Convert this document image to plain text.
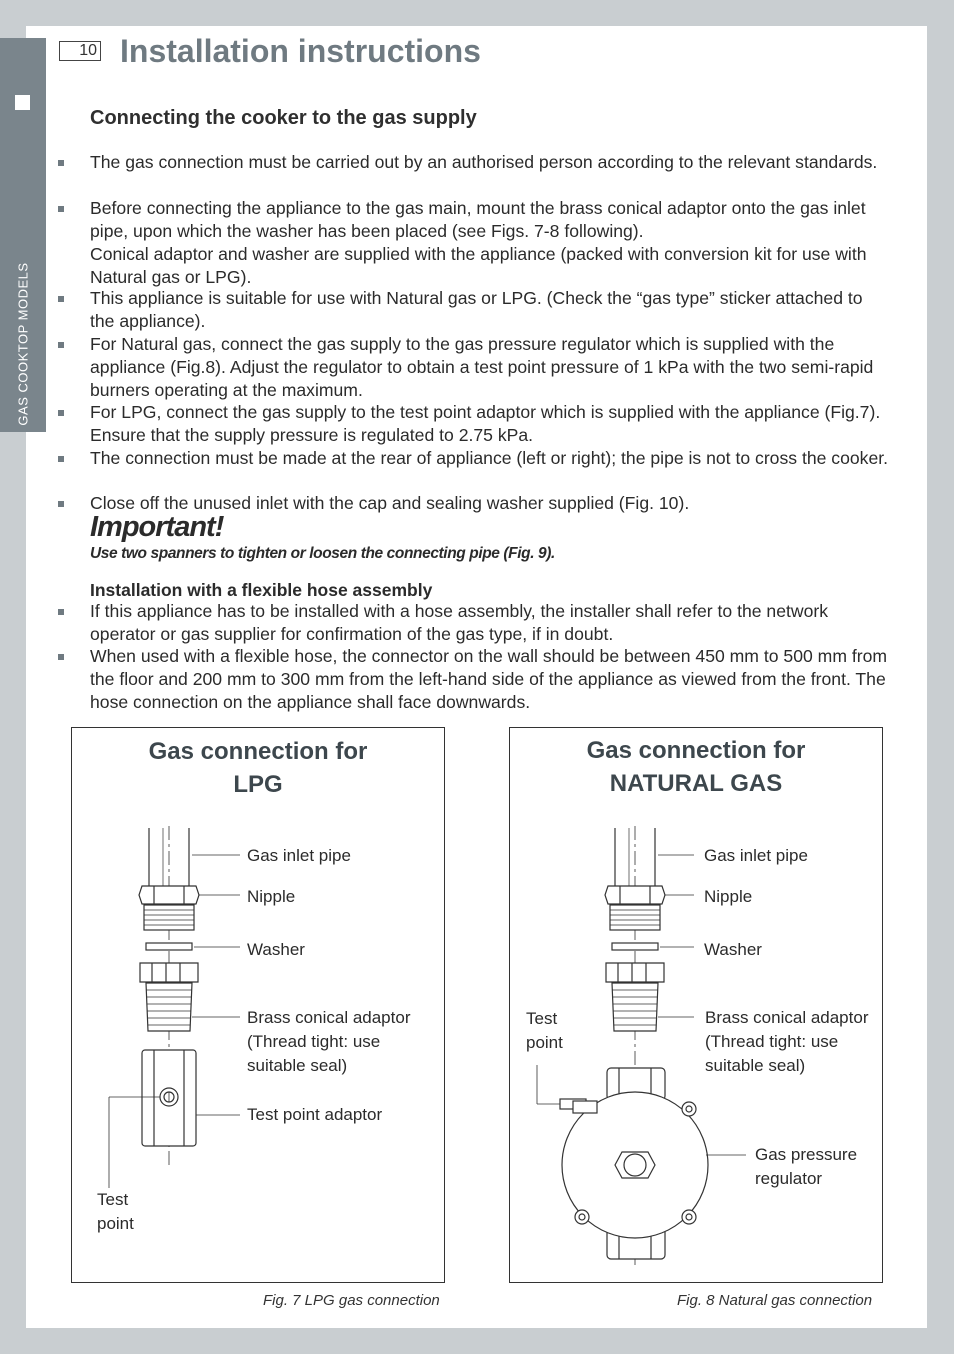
GAS COOKTOP MODELS
10 Installation instructions
Connecting the cooker to the gas supply

The gas connection must be carried out by an authorised person according to the relevant standards.

Before connecting the appliance to the gas main, mount the brass conical adaptor onto the gas inlet pipe, upon which the washer has been placed (see Figs. 7-8 following).

Conical adaptor and washer are supplied with the appliance (packed with conversion kit for use with Natural gas or LPG).

This appliance is suitable for use with Natural gas or LPG. (Check the “gas type” sticker attached to the appliance).

For Natural gas, connect the gas supply to the gas pressure regulator which is supplied with the appliance (Fig.8). Adjust the regulator to obtain a test point pressure of 1 kPa with the two semi-rapid burners operating at the maximum.

For LPG, connect the gas supply to the test point adaptor which is supplied with the appliance (Fig.7). Ensure that the supply pressure is regulated to 2.75 kPa.

The connection must be made at the rear of appliance (left or right); the pipe is not to cross the cooker.

Close off the unused inlet with the cap and sealing washer supplied (Fig. 10).

Important!
Use two spanners to tighten or loosen the connecting pipe (Fig. 9).
Installation with a flexible hose assembly

If this appliance has to be installed with a hose assembly, the installer shall refer to the network operator or gas supplier for confirmation of the gas type, if in doubt.

When used with a flexible hose, the connector on the wall should be between 450 mm to 500 mm from the floor and 200 mm to 300 mm from the left-hand side of the appliance as viewed from the front. The hose connection on the appliance shall face downwards.

Gas connection for
LPG
Gas inlet pipe
Nipple
Washer
Brass conical adaptor
(Thread tight: use
suitable seal)
Test point adaptor
Test
point
Fig. 7 LPG gas connection
Gas connection for
NATURAL GAS
Gas inlet pipe
Nipple
Washer
Brass conical adaptor
(Thread tight: use
suitable seal)
Test
point
Gas pressure
regulator
Fig. 8 Natural gas connection
